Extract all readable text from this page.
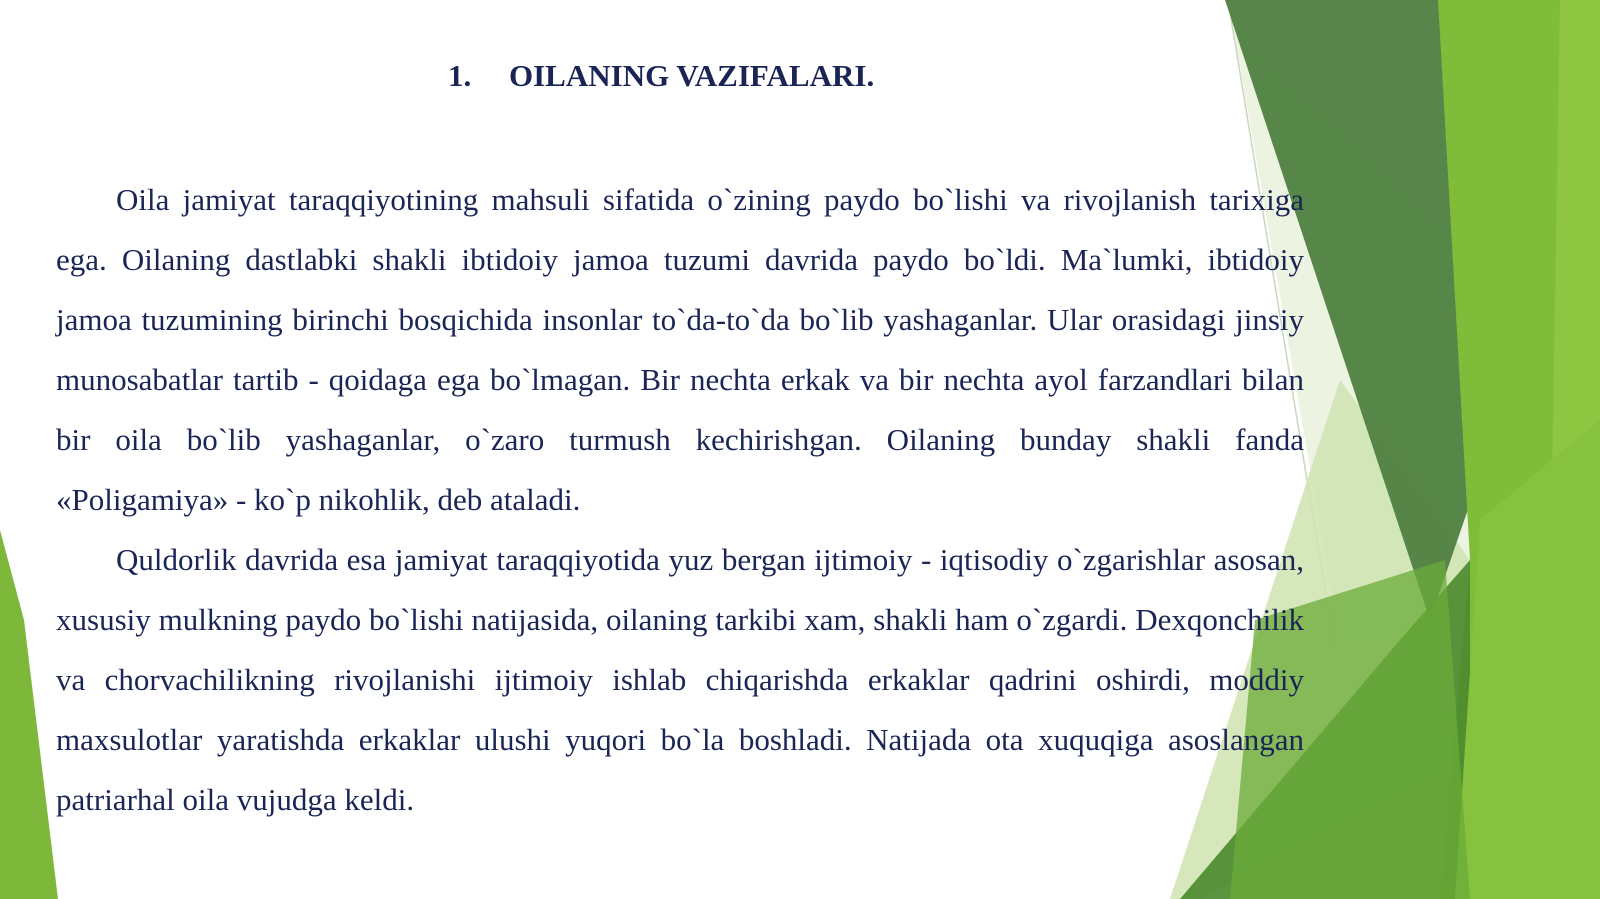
1. OILANING VAZIFALARI.

Oila jamiyat taraqqiyotining mahsuli sifatida o`zining paydo bo`lishi va rivojlanish tarixiga ega. Oilaning dastlabki shakli ibtidoiy jamoa tuzumi davrida paydo bo`ldi. Ma`lumki, ibtidoiy jamoa tuzumining birinchi bosqichida insonlar to`da-to`da bo`lib yashaganlar. Ular orasidagi jinsiy munosabatlar tartib - qoidaga ega bo`lmagan. Bir nechta erkak va bir nechta ayol farzandlari bilan bir oila bo`lib yashaganlar, o`zaro turmush kechirishgan. Oilaning bunday shakli fanda «Poligamiya» - ko`p nikohlik, deb ataladi.

Quldorlik davrida esa jamiyat taraqqiyotida yuz bergan ijtimoiy - iqtisodiy o`zgarishlar asosan, xususiy mulkning paydo bo`lishi natijasida, oilaning tarkibi xam, shakli ham o`zgardi. Dexqonchilik va chorvachilikning rivojlanishi ijtimoiy ishlab chiqarishda erkaklar qadrini oshirdi, moddiy maxsulotlar yaratishda erkaklar ulushi yuqori bo`la boshladi. Natijada ota xuquqiga asoslangan patriarhal oila vujudga keldi.
